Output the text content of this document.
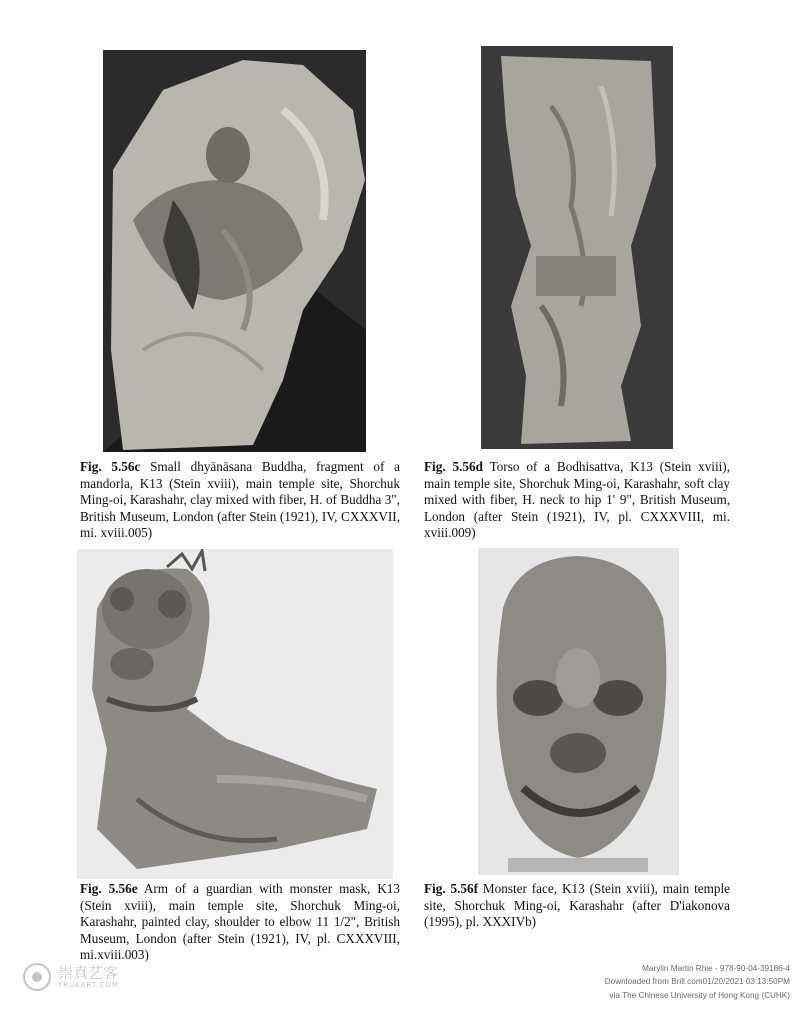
Fig. 5.56c Small dhyānāsana Buddha, fragment of a mandorla, K13 (Stein xviii), main temple site, Shorchuk Ming-oi, Karashahr, clay mixed with fiber, H. of Buddha 3", British Museum, London (after Stein (1921), IV, CXXXVII, mi. xviii.005)
Fig. 5.56d Torso of a Bodhisattva, K13 (Stein xviii), main temple site, Shorchuk Ming-oi, Karashahr, soft clay mixed with fiber, H. neck to hip 1' 9", British Museum, London (after Stein (1921), IV, pl. CXXXVIII, mi. xviii.009)
Fig. 5.56e Arm of a guardian with monster mask, K13 (Stein xviii), main temple site, Shorchuk Ming-oi, Karashahr, painted clay, shoulder to elbow 11 1/2", British Museum, London (after Stein (1921), IV, pl. CXXXVIII, mi.xviii.003)
Fig. 5.56f Monster face, K13 (Stein xviii), main temple site, Shorchuk Ming-oi, Karashahr (after D'iakonova (1995), pl. XXXIVb)
崇真艺客
TRUEART.COM
Marylin Martin Rhie - 978-90-04-39186-4
Downloaded from Brill.com01/20/2021 03:13:50PM
via The Chinese University of Hong Kong (CUHK)
